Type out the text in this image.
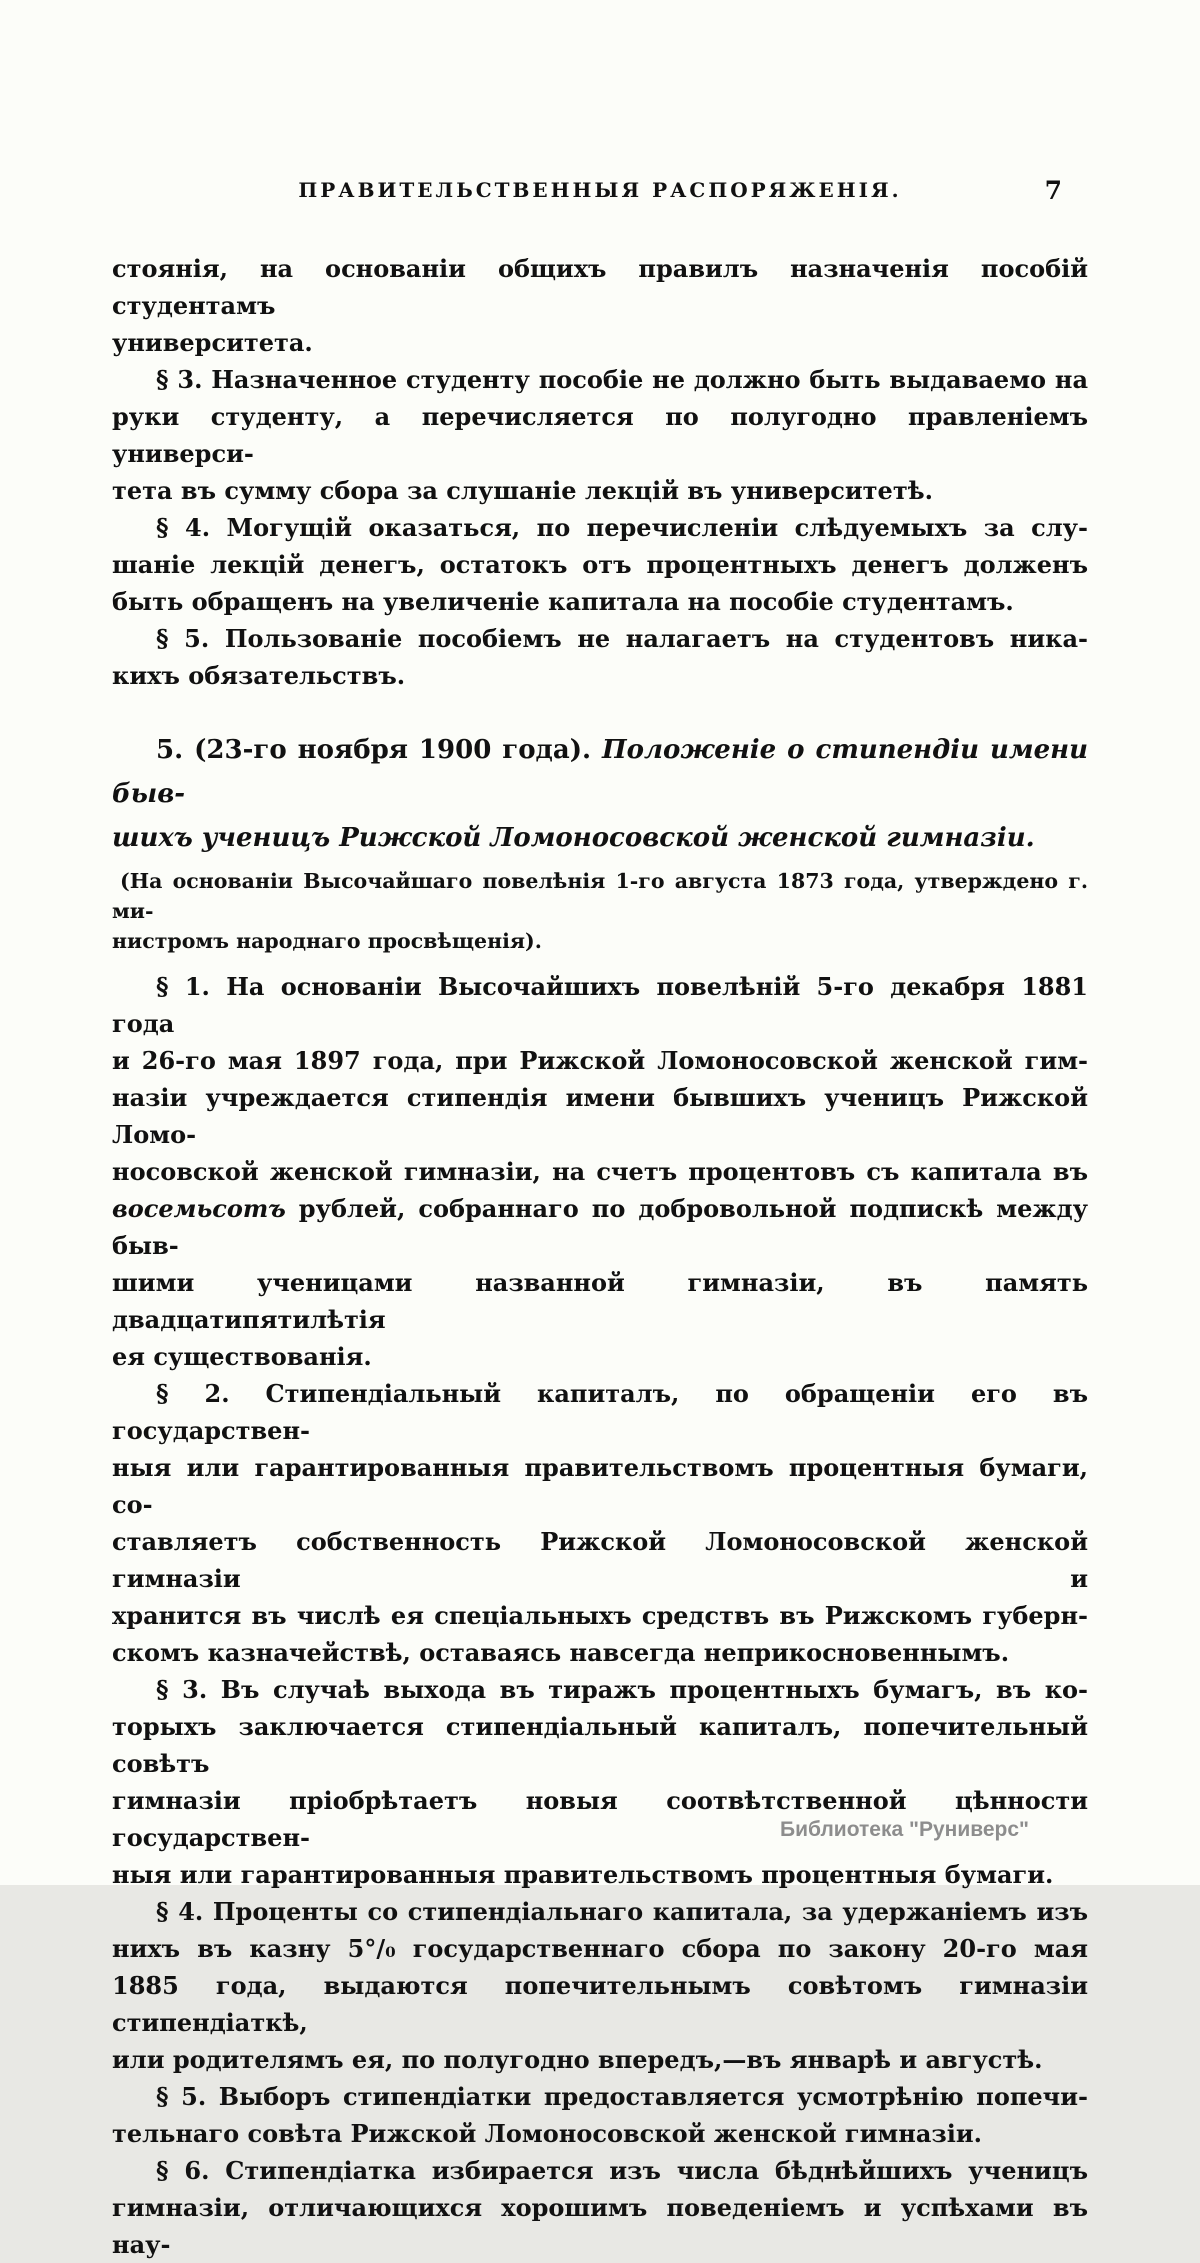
ПРАВИТЕЛЬСТВЕННЫЯ РАСПОРЯЖЕНІЯ.	7
стоянія, на основаніи общихъ правилъ назначенія пособій студентамъ
университета.
§ 3. Назначенное студенту пособіе не должно быть выдаваемо на
руки студенту, а перечисляется по полугодно правленіемъ универси-
тета въ сумму сбора за слушаніе лекцій въ университетѣ.
§ 4. Могущій оказаться, по перечисленіи слѣдуемыхъ за слу-
шаніе лекцій денегъ, остатокъ отъ процентныхъ денегъ долженъ
быть обращенъ на увеличеніе капитала на пособіе студентамъ.
§ 5. Пользованіе пособіемъ не налагаетъ на студентовъ ника-
кихъ обязательствъ.
5. (23-го ноября 1900 года). Положеніе о стипендіи имени быв-
шихъ ученицъ Рижской Ломоносовской женской гимназіи.
(На основаніи Высочайшаго повелѣнія 1-го августа 1873 года, утверждено г. ми-
нистромъ народнаго просвѣщенія).
§ 1. На основаніи Высочайшихъ повелѣній 5-го декабря 1881 года
и 26-го мая 1897 года, при Рижской Ломоносовской женской гим-
назіи учреждается стипендія имени бывшихъ ученицъ Рижской Ломо-
носовской женской гимназіи, на счетъ процентовъ съ капитала въ
восемьсотъ рублей, собраннаго по добровольной подпискѣ между быв-
шими ученицами названной гимназіи, въ память двадцатипятилѣтія
ея существованія.
§ 2. Стипендіальный капиталъ, по обращеніи его въ государствен-
ныя или гарантированныя правительствомъ процентныя бумаги, со-
ставляетъ собственность Рижской Ломоносовской женской гимназіи и
хранится въ числѣ ея спеціальныхъ средствъ въ Рижскомъ губерн-
скомъ казначействѣ, оставаясь навсегда неприкосновеннымъ.
§ 3. Въ случаѣ выхода въ тиражъ процентныхъ бумагъ, въ ко-
торыхъ заключается стипендіальный капиталъ, попечительный совѣтъ
гимназіи пріобрѣтаетъ новыя соотвѣтственной цѣнности государствен-
ныя или гарантированныя правительствомъ процентныя бумаги.
§ 4. Проценты со стипендіальнаго капитала, за удержаніемъ изъ
нихъ въ казну 5°/₀ государственнаго сбора по закону 20-го мая
1885 года, выдаются попечительнымъ совѣтомъ гимназіи стипендіаткѣ,
или родителямъ ея, по полугодно впередъ,—въ январѣ и августѣ.
§ 5. Выборъ стипендіатки предоставляется усмотрѣнію попечи-
тельнаго совѣта Рижской Ломоносовской женской гимназіи.
§ 6. Стипендіатка избирается изъ числа бѣднѣйшихъ ученицъ
гимназіи, отличающихся хорошимъ поведеніемъ и успѣхами въ нау-
Библиотека "Руниверс"
